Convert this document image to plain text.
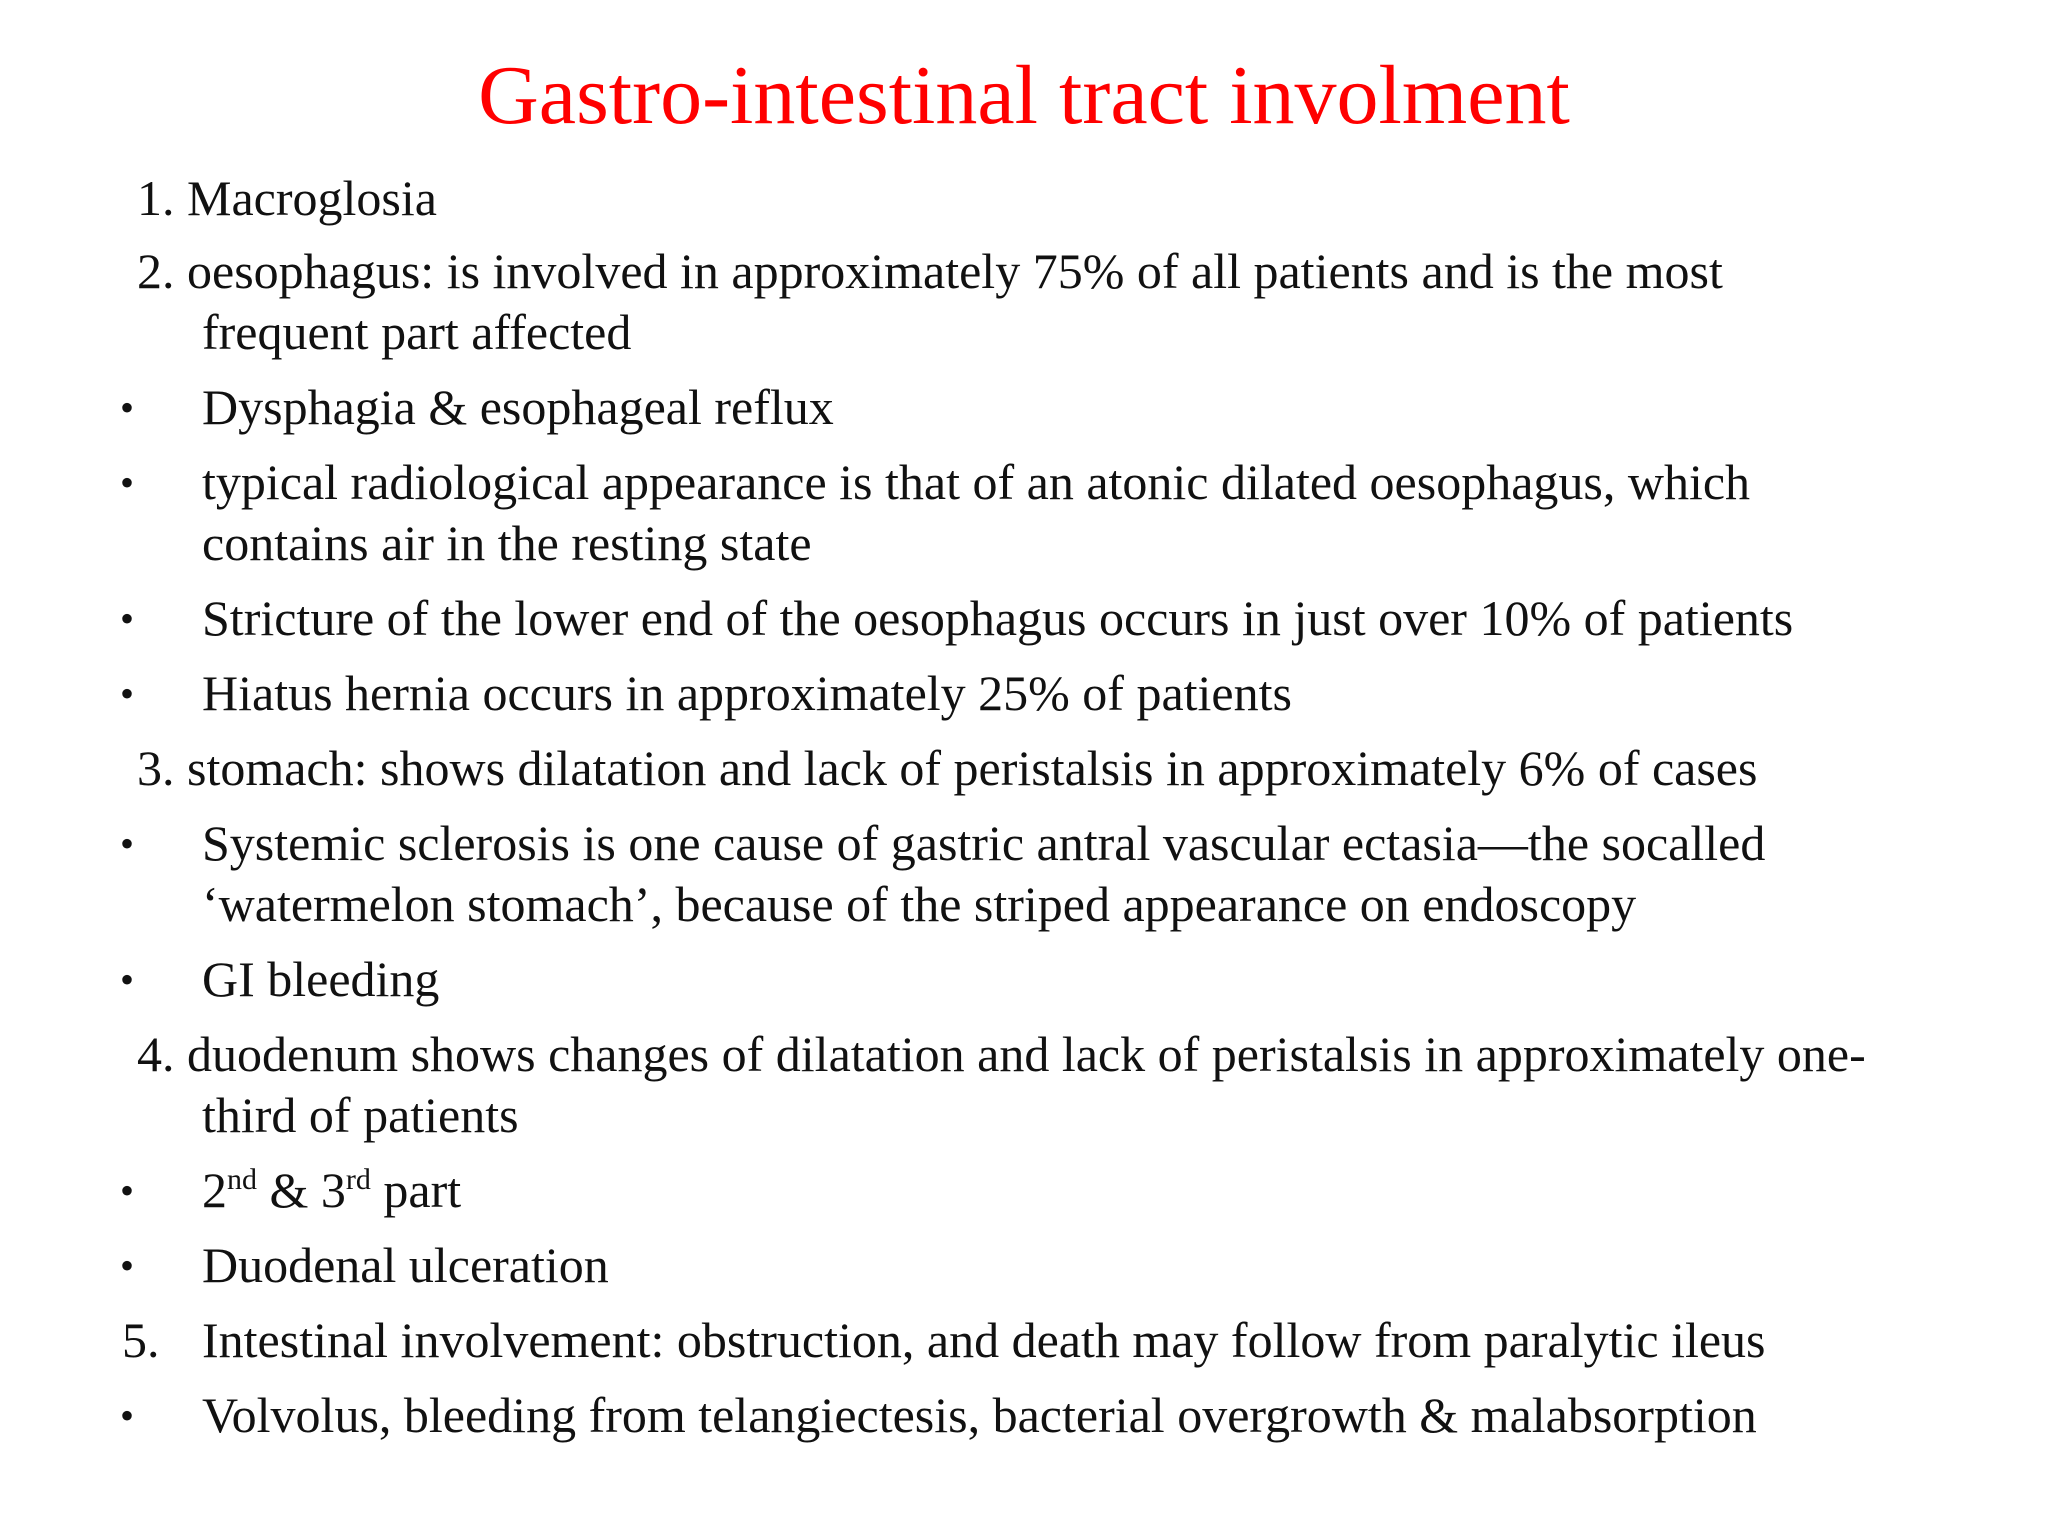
Gastro-intestinal tract involment
1. Macroglosia
2. oesophagus: is involved in approximately 75% of all patients and is the most
frequent part affected
• Dysphagia & esophageal reflux
• typical radiological appearance is that of an atonic dilated oesophagus, which
contains air in the resting state
• Stricture of the lower end of the oesophagus occurs in just over 10% of patients
• Hiatus hernia occurs in approximately 25% of patients
3. stomach: shows dilatation and lack of peristalsis in approximately 6% of cases
• Systemic sclerosis is one cause of gastric antral vascular ectasia—the socalled
‘watermelon stomach’, because of the striped appearance on endoscopy
• GI bleeding
4. duodenum shows changes of dilatation and lack of peristalsis in approximately one-
third of patients
• 2nd & 3rd part
• Duodenal ulceration
5. Intestinal involvement: obstruction, and death may follow from paralytic ileus
• Volvolus, bleeding from telangiectesis, bacterial overgrowth & malabsorption
